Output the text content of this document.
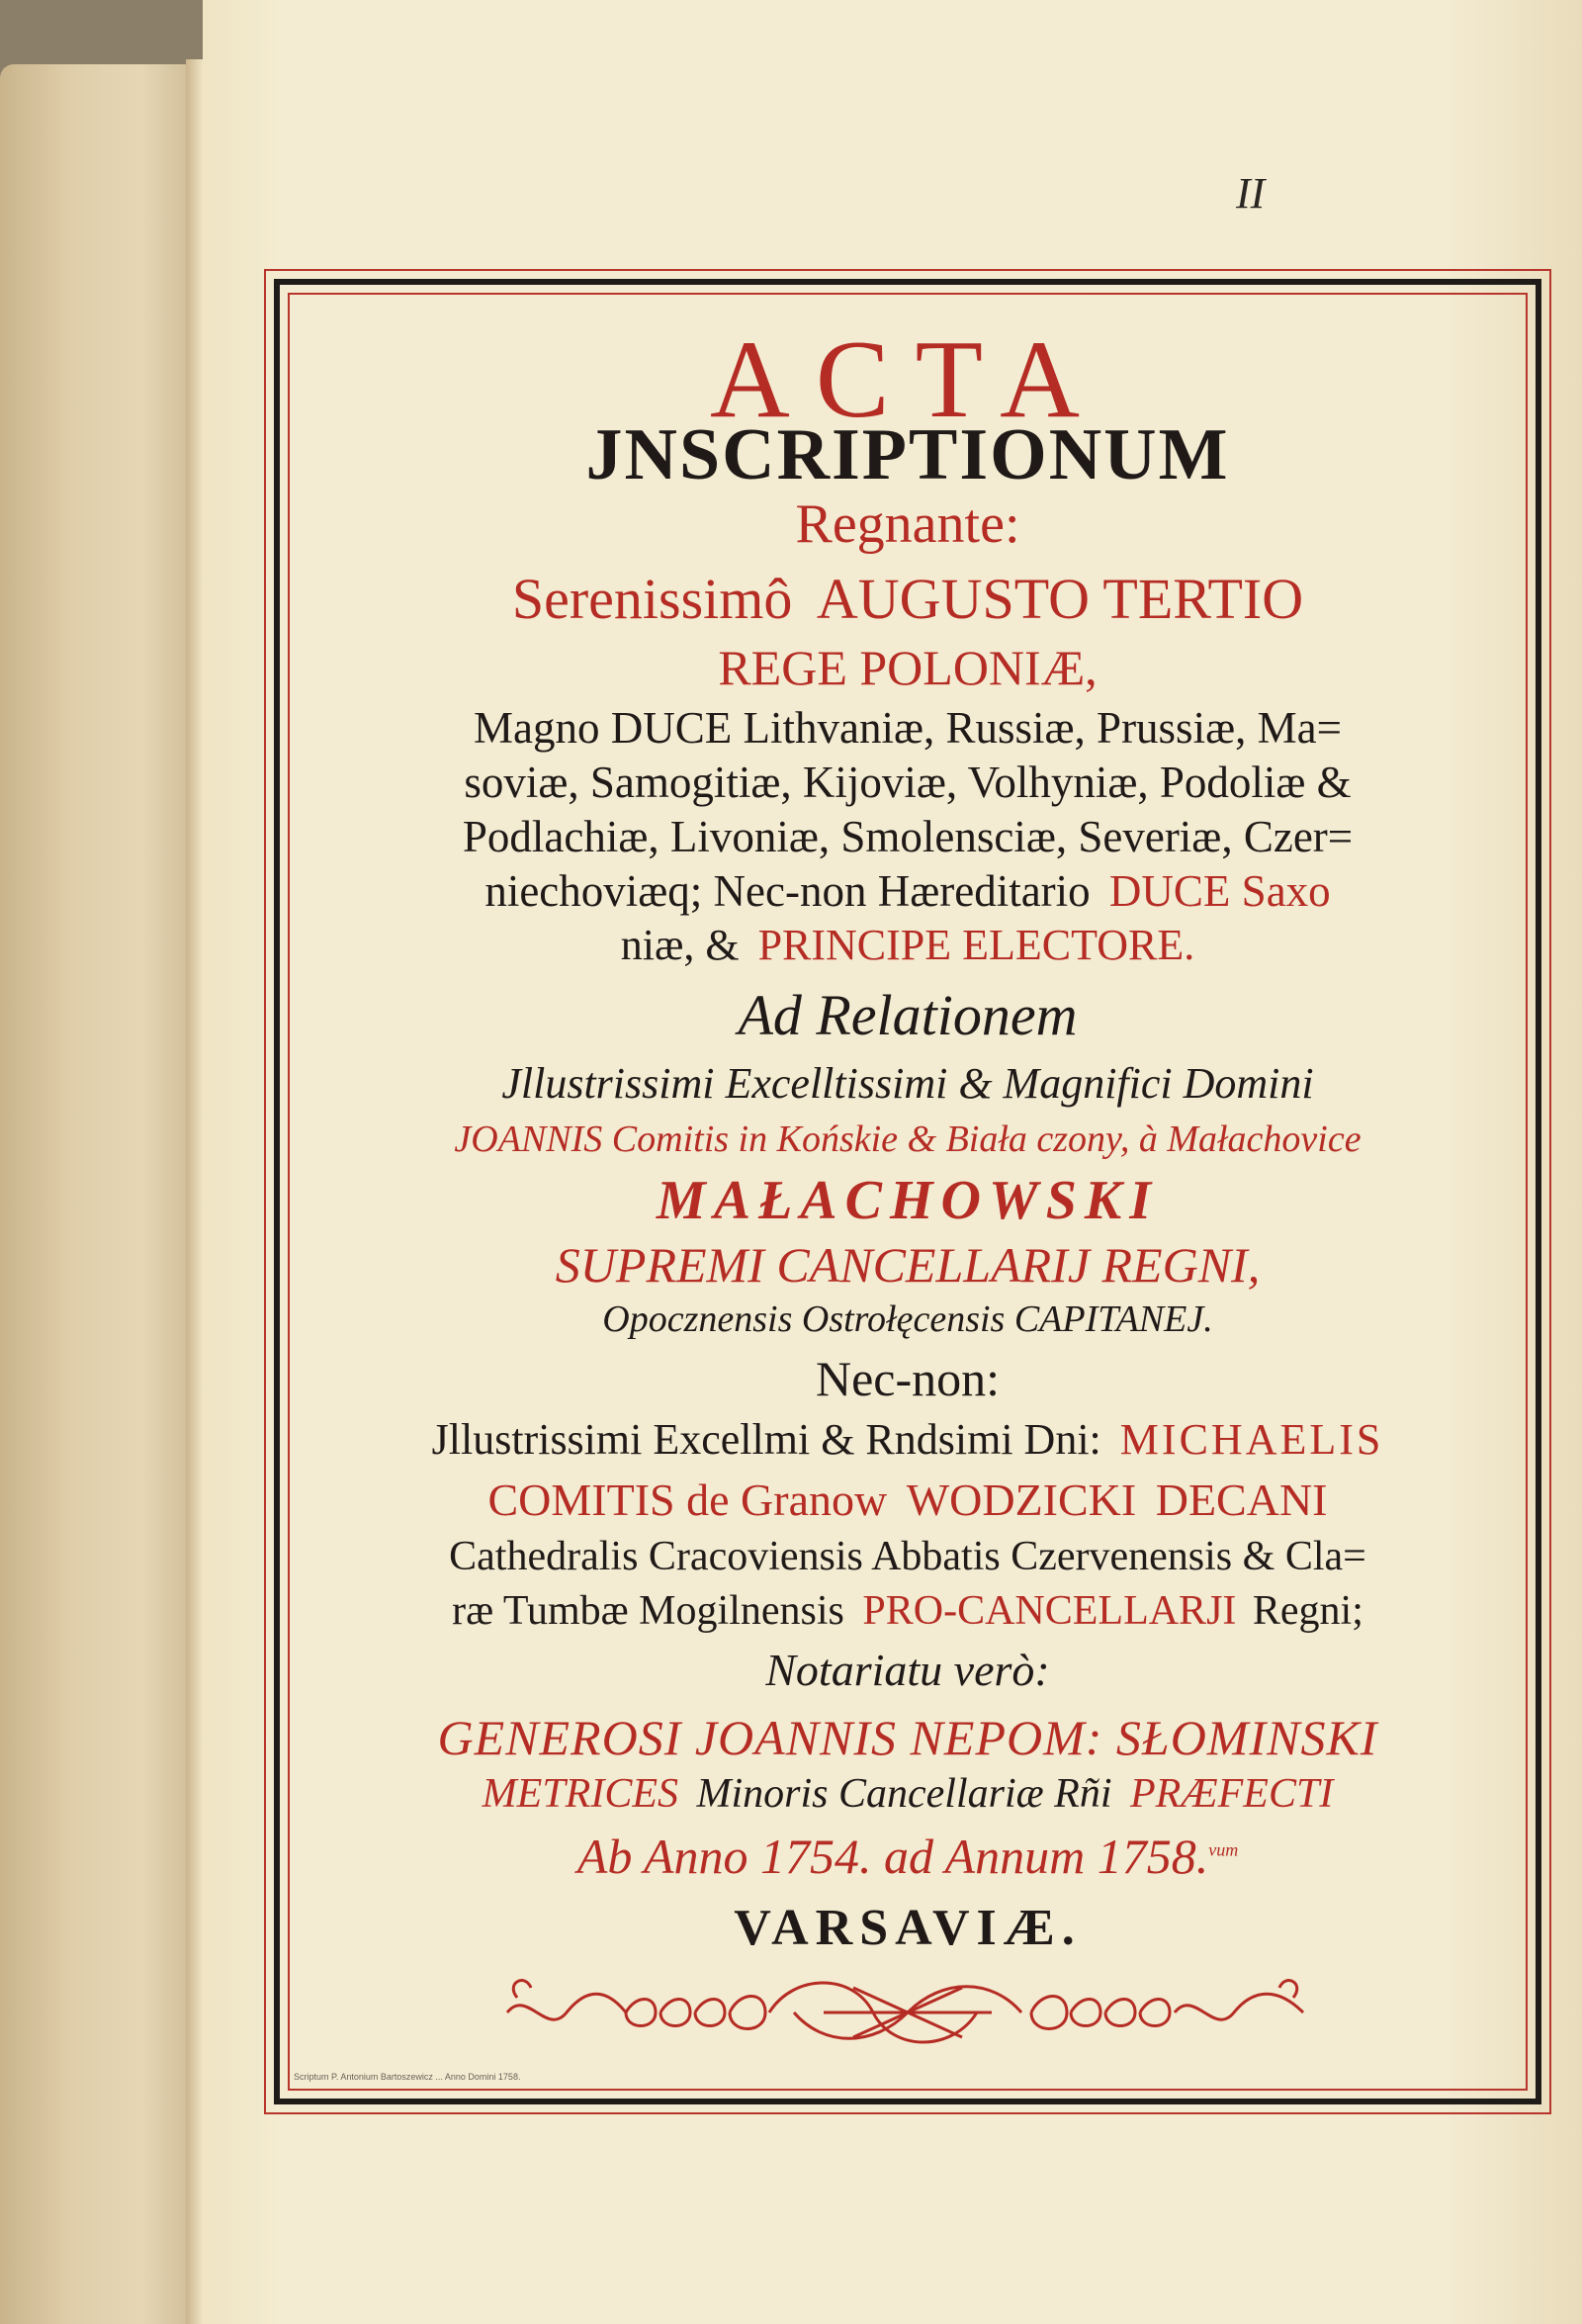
II
ACTA
JNSCRIPTIONUM
Regnante:
Serenissimô AUGUSTO TERTIO
REGE POLONIÆ,
Magno DUCE Lithvaniæ, Russiæ, Prussiæ, Ma=
soviæ, Samogitiæ, Kijoviæ, Volhyniæ, Podoliæ &
Podlachiæ, Livoniæ, Smolensciæ, Severiæ, Czer=
niechoviæq; Nec-non Hæreditario DUCE Saxo
niæ, & PRINCIPE ELECTORE.
Ad Relationem
Jllustrissimi Excelltissimi & Magnifici Domini
JOANNIS Comitis in Końskie & Biała czony, à Małachovice
MAŁACHOWSKI
SUPREMI CANCELLARIJ REGNI,
Opocznensis Ostrołęcensis CAPITANEJ.
Nec-non:
Jllustrissimi Excellmi & Rndsimi Dni: MICHAELIS
COMITIS de Granow WODZICKI DECANI
Cathedralis Cracoviensis Abbatis Czervenensis & Cla=
ræ Tumbæ Mogilnensis PRO-CANCELLARJI Regni;
Notariatu verò:
GENEROSI JOANNIS NEPOM: SŁOMINSKI
METRICES Minoris Cancellariæ Rñi PRÆFECTI
Ab Anno 1754. ad Annum 1758.$^{vum}$
VARSAVIÆ.
Scriptum P. Antonium Bartoszewicz ... Anno Domini 1758.
